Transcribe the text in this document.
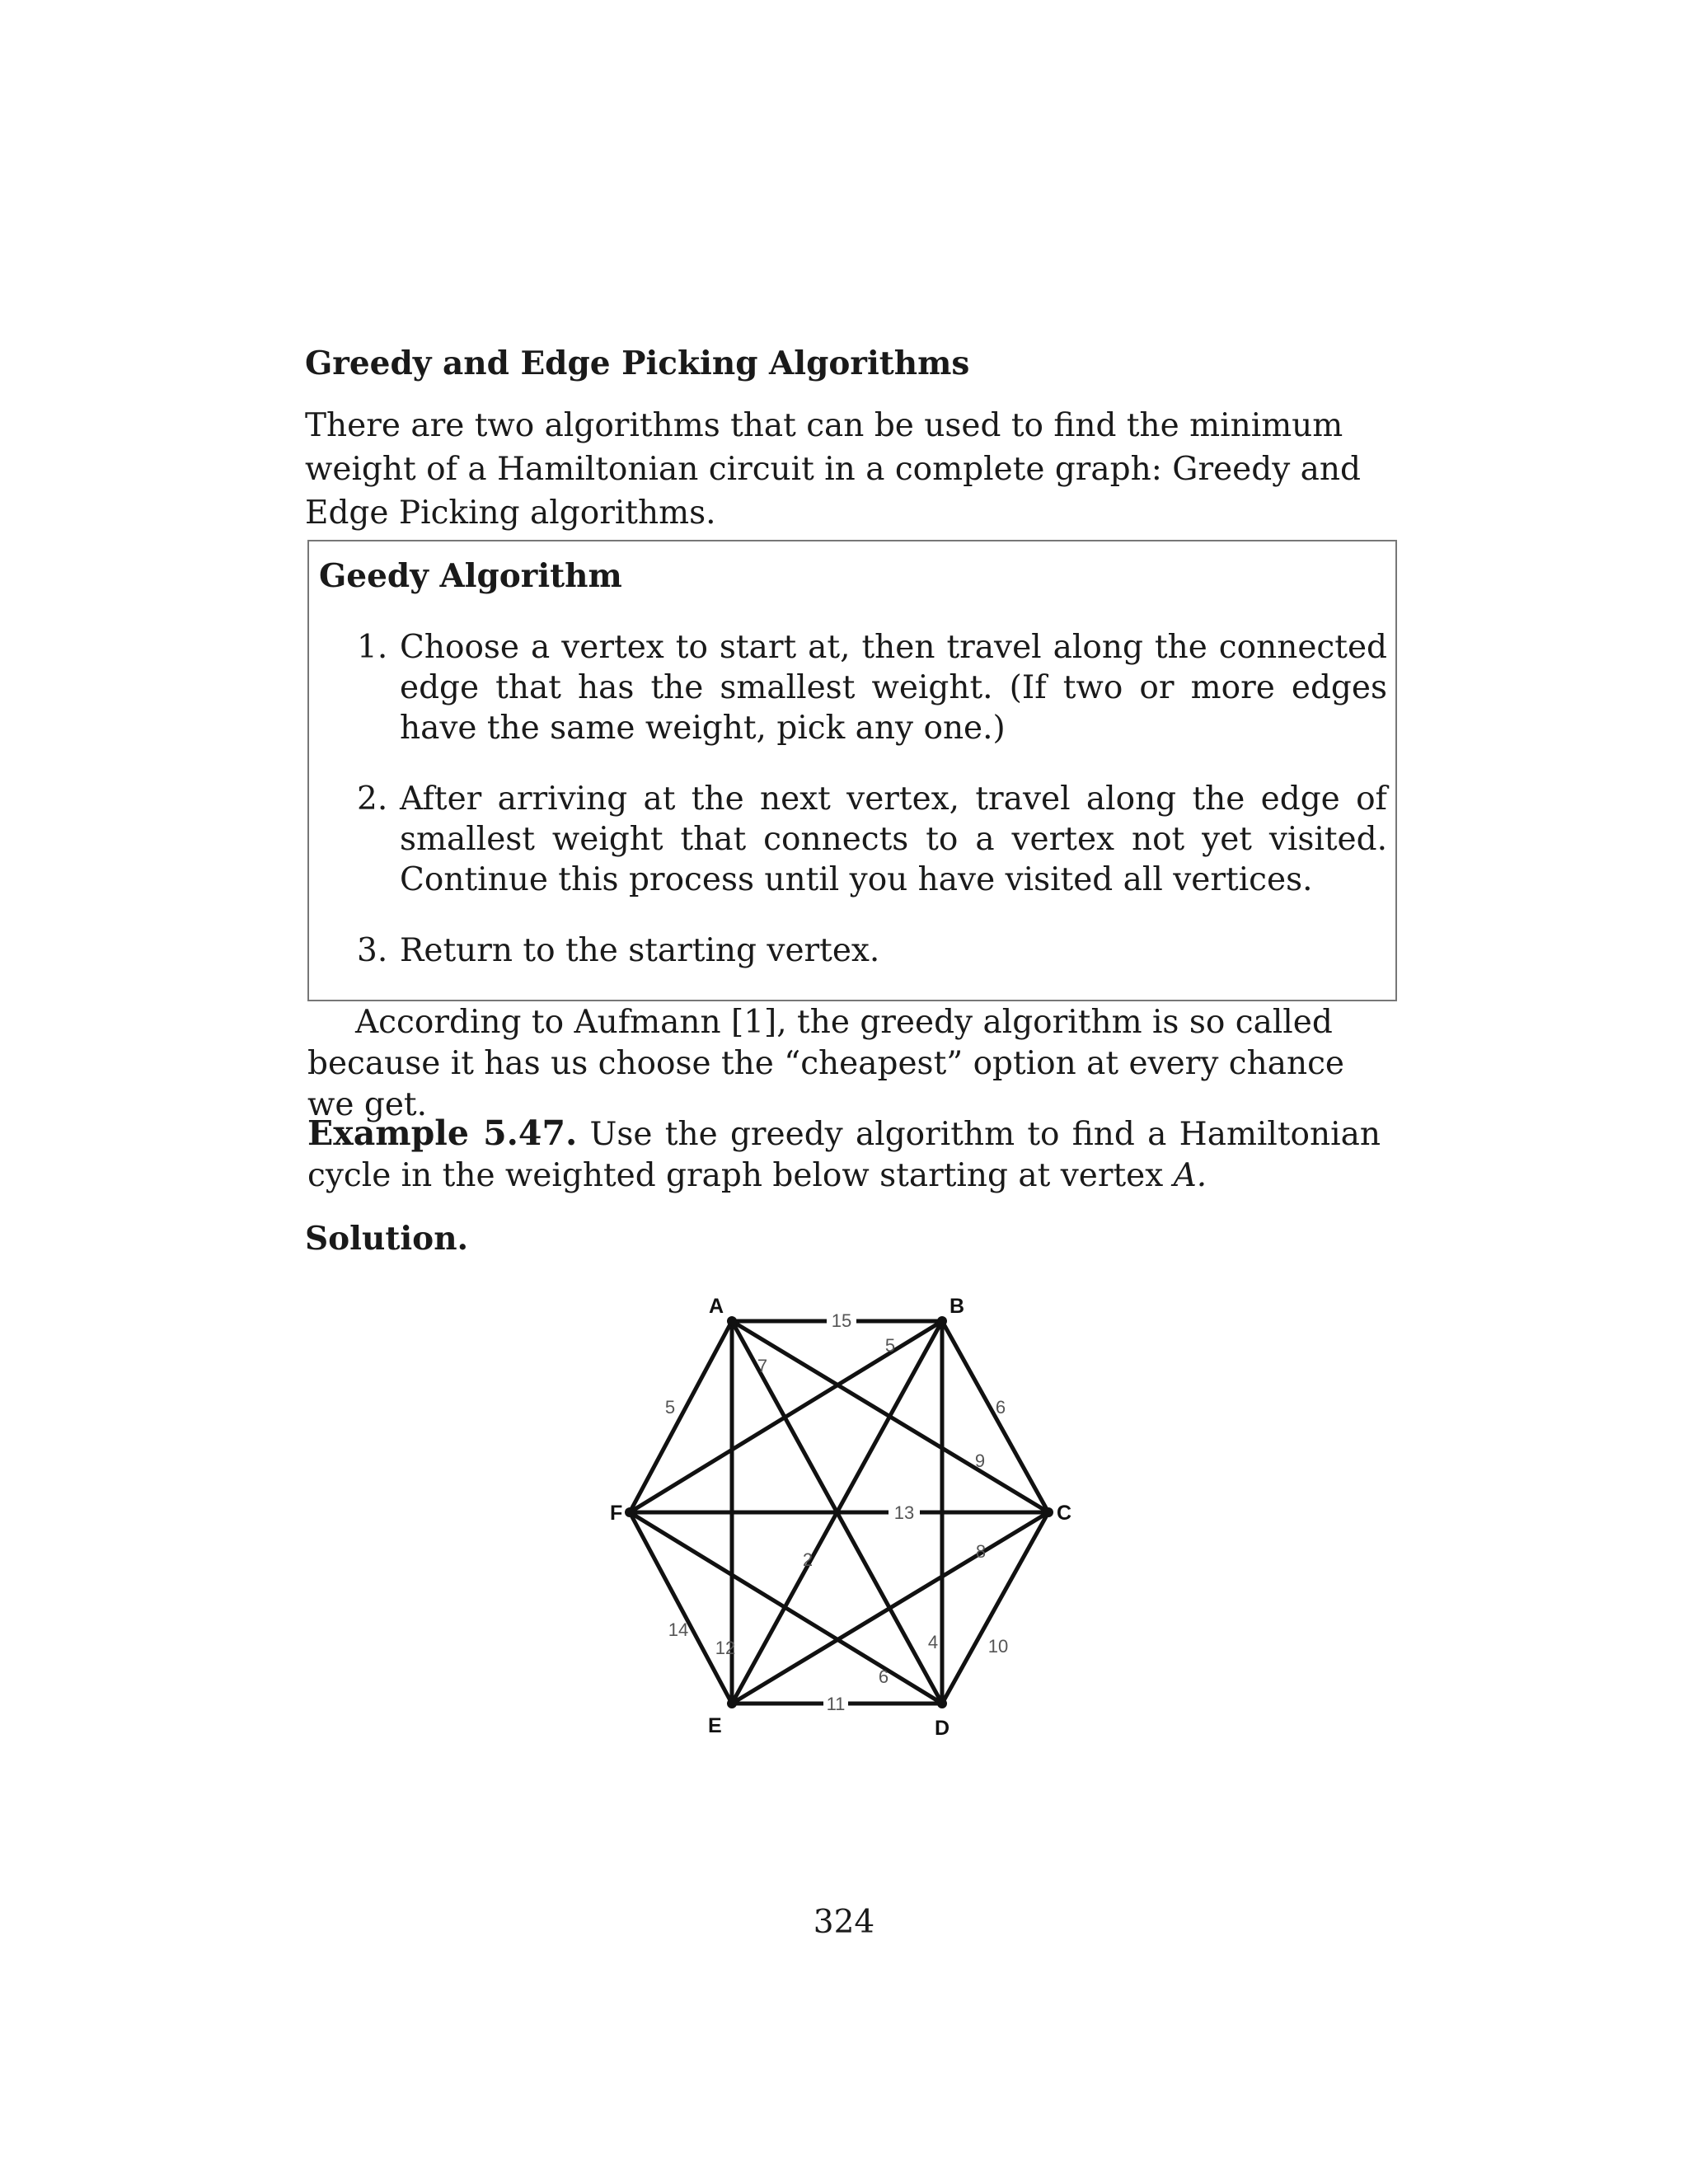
Greedy and Edge Picking Algorithms

There are two algorithms that can be used to find the minimum weight of a Hamiltonian circuit in a complete graph: Greedy and Edge Picking algorithms.

Geedy Algorithm
1. Choose a vertex to start at, then travel along the connected edge that has the smallest weight. (If two or more edges have the same weight, pick any one.)
2. After arriving at the next vertex, travel along the edge of smallest weight that connects to a vertex not yet visited. Continue this process until you have visited all vertices.
3. Return to the starting vertex.

According to Aufmann [1], the greedy algorithm is so called because it has us choose the “cheapest” option at every chance we get.

Example 5.47. Use the greedy algorithm to find a Hamiltonian cycle in the weighted graph below starting at vertex A.

Solution.

A	B
C
D
E
F
15
5
7
5	6
9
13
8
2
14
12	4	10
6
11

324
